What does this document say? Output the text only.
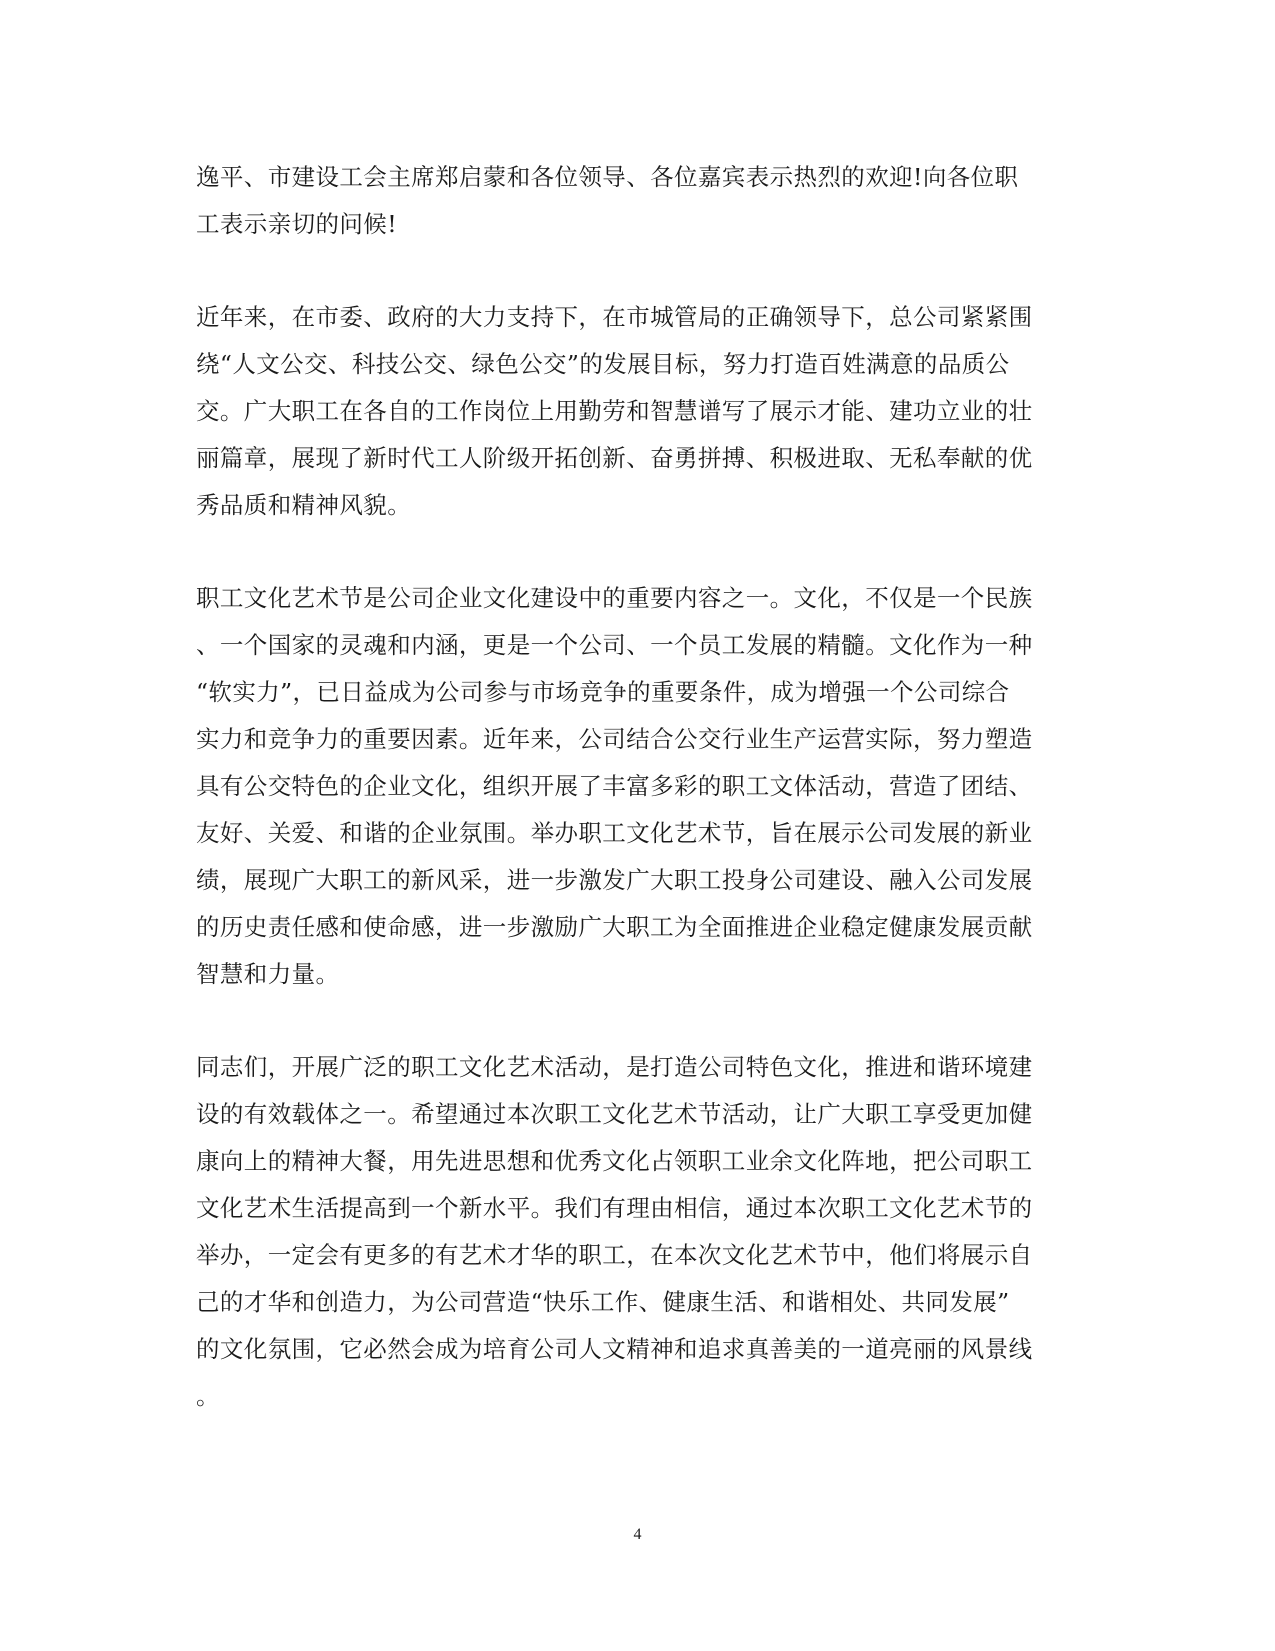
逸平、市建设工会主席郑启蒙和各位领导、各位嘉宾表示热烈的欢迎!向各位职

工表示亲切的问候!

近年来，在市委、政府的大力支持下，在市城管局的正确领导下，总公司紧紧围

绕“人文公交、科技公交、绿色公交”的发展目标，努力打造百姓满意的品质公

交。广大职工在各自的工作岗位上用勤劳和智慧谱写了展示才能、建功立业的壮

丽篇章，展现了新时代工人阶级开拓创新、奋勇拼搏、积极进取、无私奉献的优

秀品质和精神风貌。

职工文化艺术节是公司企业文化建设中的重要内容之一。文化，不仅是一个民族

、一个国家的灵魂和内涵，更是一个公司、一个员工发展的精髓。文化作为一种

“软实力”，已日益成为公司参与市场竞争的重要条件，成为增强一个公司综合

实力和竞争力的重要因素。近年来，公司结合公交行业生产运营实际，努力塑造

具有公交特色的企业文化，组织开展了丰富多彩的职工文体活动，营造了团结、

友好、关爱、和谐的企业氛围。举办职工文化艺术节，旨在展示公司发展的新业

绩，展现广大职工的新风采，进一步激发广大职工投身公司建设、融入公司发展

的历史责任感和使命感，进一步激励广大职工为全面推进企业稳定健康发展贡献

智慧和力量。

同志们，开展广泛的职工文化艺术活动，是打造公司特色文化，推进和谐环境建

设的有效载体之一。希望通过本次职工文化艺术节活动，让广大职工享受更加健

康向上的精神大餐，用先进思想和优秀文化占领职工业余文化阵地，把公司职工

文化艺术生活提高到一个新水平。我们有理由相信，通过本次职工文化艺术节的

举办，一定会有更多的有艺术才华的职工，在本次文化艺术节中，他们将展示自

己的才华和创造力，为公司营造“快乐工作、健康生活、和谐相处、共同发展”

的文化氛围，它必然会成为培育公司人文精神和追求真善美的一道亮丽的风景线

。

4
